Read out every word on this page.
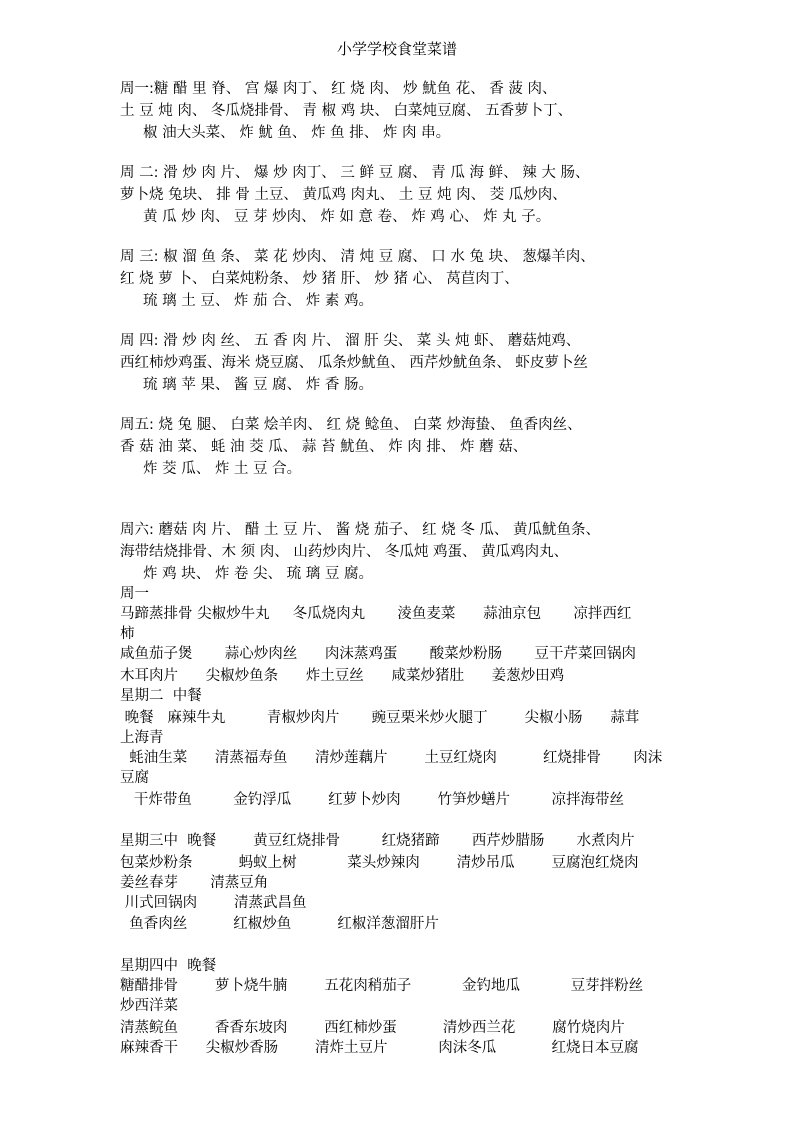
小学学校食堂菜谱
周一:糖 醋 里 脊、 宫 爆 肉丁、 红 烧 肉、 炒 魷鱼 花、 香 菠 肉、
土 豆 炖 肉、 冬瓜烧排骨、 青 椒 鸡 块、 白菜炖豆腐、 五香萝卜丁、
椒 油大头菜、 炸 魷 鱼、 炸 鱼 排、 炸 肉 串。
周 二: 滑 炒 肉 片、 爆 炒 肉丁、 三 鲜 豆 腐、 青 瓜 海 鲜、 辣 大 肠、
萝卜烧 兔块、 排 骨 土豆、 黄瓜鸡 肉丸、 土 豆 炖 肉、 茭 瓜炒肉、
黄 瓜 炒 肉、 豆 芽 炒肉、 炸 如 意 卷、 炸 鸡 心、 炸 丸 子。
周 三: 椒 溜 鱼 条、 菜 花 炒肉、 清 炖 豆 腐、 口 水 兔 块、 葱爆羊肉、
红 烧 萝 卜、 白菜炖粉条、 炒 猪 肝、 炒 猪 心、 莴苣肉丁、
琉 璃 土 豆、 炸 茄 合、 炸 素 鸡。
周 四: 滑 炒 肉 丝、 五 香 肉 片、 溜 肝 尖、 菜 头 炖 虾、 蘑菇炖鸡、
西红柿炒鸡蛋、海米 烧豆腐、 瓜条炒魷鱼、 西芹炒魷鱼条、 虾皮萝卜丝
琉 璃 苹 果、 酱 豆 腐、 炸 香 肠。
周五: 烧 兔 腿、 白菜 烩羊肉、 红 烧 鲶鱼、 白菜 炒海蛰、 鱼香肉丝、
香 菇 油 菜、 蚝 油 茭 瓜、 蒜 苔 魷鱼、 炸 肉 排、 炸 蘑 菇、
炸 茭 瓜、 炸 土 豆 合。
周六: 蘑菇 肉 片、 醋 土 豆 片、 酱 烧 茄子、 红 烧 冬 瓜、 黄瓜魷鱼条、
海带结烧排骨、木 须 肉、 山药炒肉片、 冬瓜炖 鸡蛋、 黄瓜鸡肉丸、
炸 鸡 块、 炸 卷 尖、 琉 璃 豆 腐。
周一
马蹄蒸排骨 尖椒炒牛丸     冬瓜烧肉丸       淩鱼麦菜      蒜油京包       凉拌西红
柿
咸鱼茄子煲       蒜心炒肉丝      肉沫蒸鸡蛋       酸菜炒粉肠       豆干芹菜回锅肉
木耳肉片      尖椒炒鱼条      炸土豆丝      咸菜炒猪肚      姜葱炒田鸡
星期二  中餐
晚餐   麻辣牛丸         青椒炒肉片       豌豆栗米炒火腿丁        尖椒小肠      蒜茸
上海青
蚝油生菜      清蒸福寿鱼      清炒莲藕片        土豆红烧肉          红烧排骨       肉沫
豆腐
干炸带鱼         金钓浮瓜        红萝卜炒肉        竹笋炒蟮片         凉拌海带丝
星期三中  晚餐        黄豆红烧排骨         红烧猪蹄       西芹炒腊肠       水煮肉片
包菜炒粉条          蚂蚁上树           菜头炒辣肉        清炒吊瓜        豆腐泡红烧肉
姜丝春芽       清蒸豆角
川式回锅肉        清蒸武昌鱼
鱼香肉丝          红椒炒鱼          红椒洋葱溜肝片
星期四中  晚餐
糖醋排骨        萝卜烧牛腩        五花肉稍茄子           金钓地瓜           豆芽拌粉丝
炒西洋菜
清蒸鲩鱼        香香东坡肉        西红柿炒蛋          清炒西兰花        腐竹烧肉片
麻辣香干      尖椒炒香肠        清炸土豆片           肉沫冬瓜            红烧日本豆腐
